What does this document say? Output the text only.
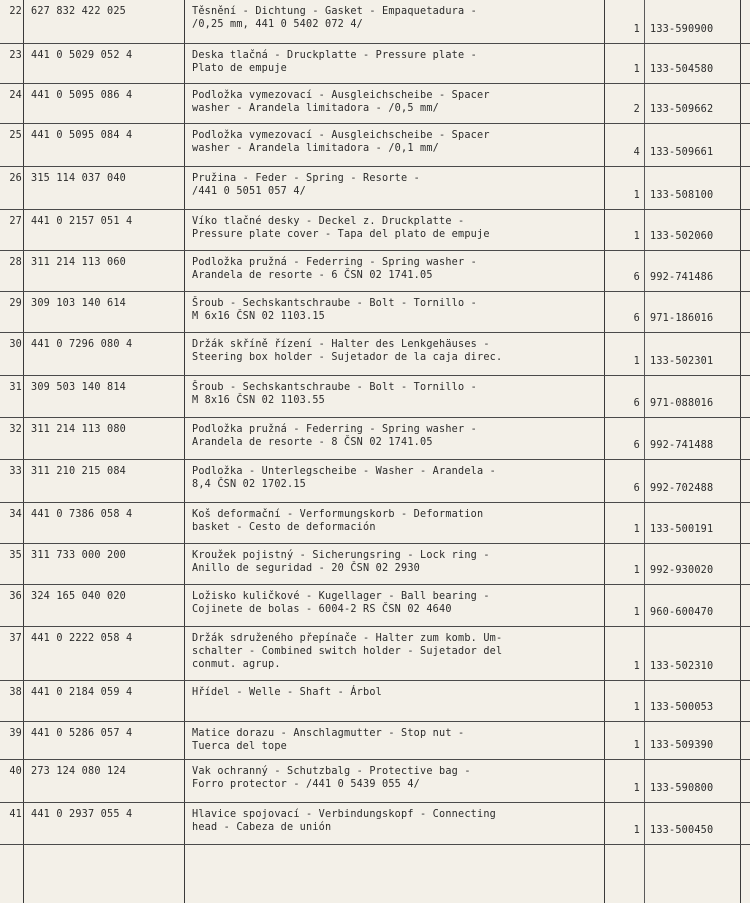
22 627 832 422 025	Těsnění - Dichtung - Gasket - Empaquetadura -
/0,25 mm, 441 0 5402 072 4/	1 133-590900
23 441 0 5029 052 4	Deska tlačná - Druckplatte - Pressure plate -
Plato de empuje	1 133-504580
24 441 0 5095 086 4	Podložka vymezovací - Ausgleichscheibe - Spacer
washer - Arandela limitadora - /0,5 mm/	2 133-509662
25 441 0 5095 084 4	Podložka vymezovací - Ausgleichscheibe - Spacer
washer - Arandela limitadora - /0,1 mm/	4 133-509661
26 315 114 037 040	Pružina - Feder - Spring - Resorte -
/441 0 5051 057 4/	1 133-508100
27 441 0 2157 051 4	Víko tlačné desky - Deckel z. Druckplatte -
Pressure plate cover - Tapa del plato de empuje	1 133-502060
28 311 214 113 060	Podložka pružná - Federring - Spring washer -
Arandela de resorte - 6 ČSN 02 1741.05	6 992-741486
29 309 103 140 614	Šroub - Sechskantschraube - Bolt - Tornillo -
M 6x16 ČSN 02 1103.15	6 971-186016
30 441 0 7296 080 4	Držák skříně řízení - Halter des Lenkgehäuses -
Steering box holder - Sujetador de la caja direc.	1 133-502301
31 309 503 140 814	Šroub - Sechskantschraube - Bolt - Tornillo -
M 8x16 ČSN 02 1103.55	6 971-088016
32 311 214 113 080	Podložka pružná - Federring - Spring washer -
Arandela de resorte - 8 ČSN 02 1741.05	6 992-741488
33 311 210 215 084	Podložka - Unterlegscheibe - Washer - Arandela -
8,4 ČSN 02 1702.15	6 992-702488
34 441 0 7386 058 4	Koš deformační - Verformungskorb - Deformation
basket - Cesto de deformación	1 133-500191
35 311 733 000 200	Kroužek pojistný - Sicherungsring - Lock ring -
Anillo de seguridad - 20 ČSN 02 2930	1 992-930020
36 324 165 040 020	Ložisko kuličkové - Kugellager - Ball bearing -
Cojinete de bolas - 6004-2 RS ČSN 02 4640	1 960-600470
37 441 0 2222 058 4	Držák sdruženého přepínače - Halter zum komb. Um-
schalter - Combined switch holder - Sujetador del
conmut. agrup.	1 133-502310
38 441 0 2184 059 4	Hřídel - Welle - Shaft - Árbol
1 133-500053
39 441 0 5286 057 4	Matice dorazu - Anschlagmutter - Stop nut -
Tuerca del tope	1 133-509390
40 273 124 080 124	Vak ochranný - Schutzbalg - Protective bag -
Forro protector - /441 0 5439 055 4/	1 133-590800
41 441 0 2937 055 4	Hlavice spojovací - Verbindungskopf - Connecting
head - Cabeza de unión	1 133-500450
